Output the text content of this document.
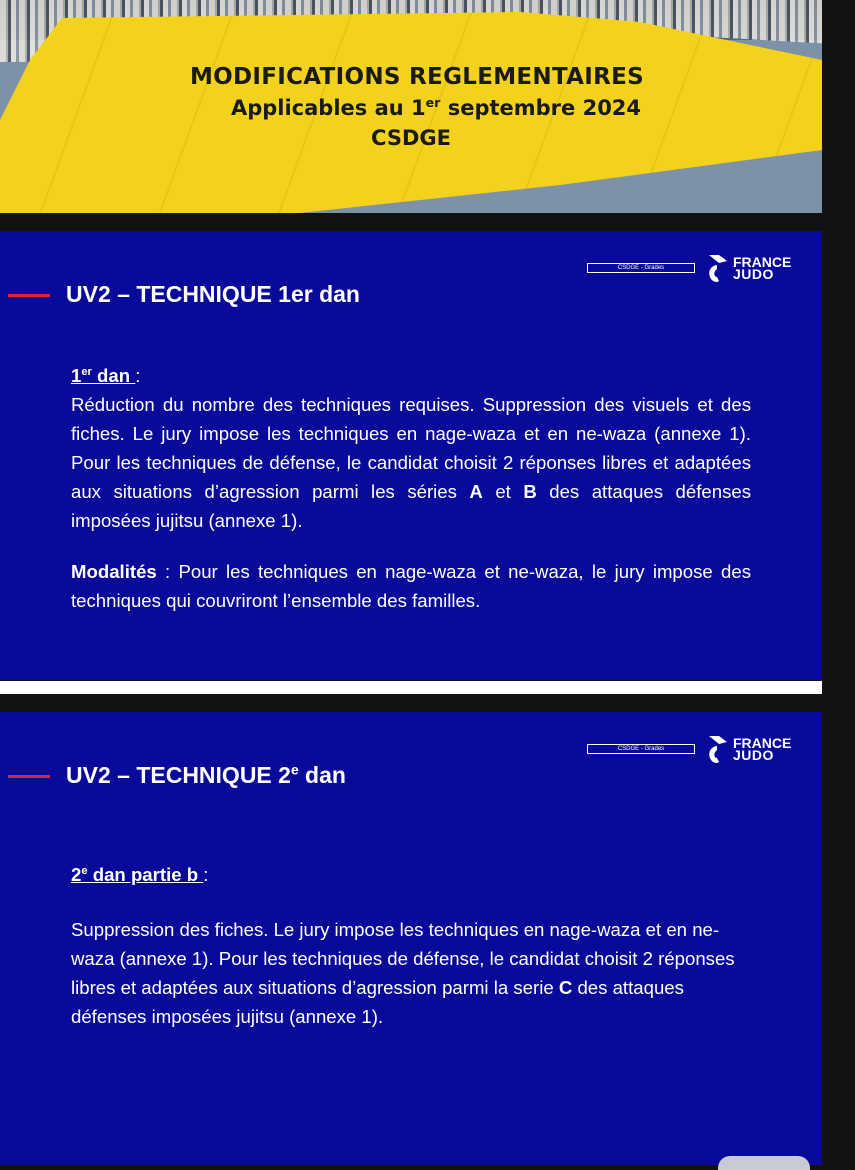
MODIFICATIONS REGLEMENTAIRES
Applicables au 1er septembre 2024
CSDGE
CSDGE - Grades	FRANCE
JUDO
UV2 – TECHNIQUE 1er dan
1er dan :
Réduction du nombre des techniques requises. Suppression des visuels et des fiches. Le jury impose les techniques en nage-waza et en ne-waza (annexe 1). Pour les techniques de défense, le candidat choisit 2 réponses libres et adaptées aux situations d’agression parmi les séries A et B des attaques défenses imposées jujitsu (annexe 1).
Modalités : Pour les techniques en nage-waza et ne-waza, le jury impose des techniques qui couvriront l’ensemble des familles.
CSDGE - Grades	FRANCE
JUDO
UV2 – TECHNIQUE 2e dan
2e dan partie b :
Suppression des fiches. Le jury impose les techniques en nage-waza et en ne-waza (annexe 1). Pour les techniques de défense, le candidat choisit 2 réponses libres et adaptées aux situations d’agression parmi la serie C des attaques défenses imposées jujitsu (annexe 1).
